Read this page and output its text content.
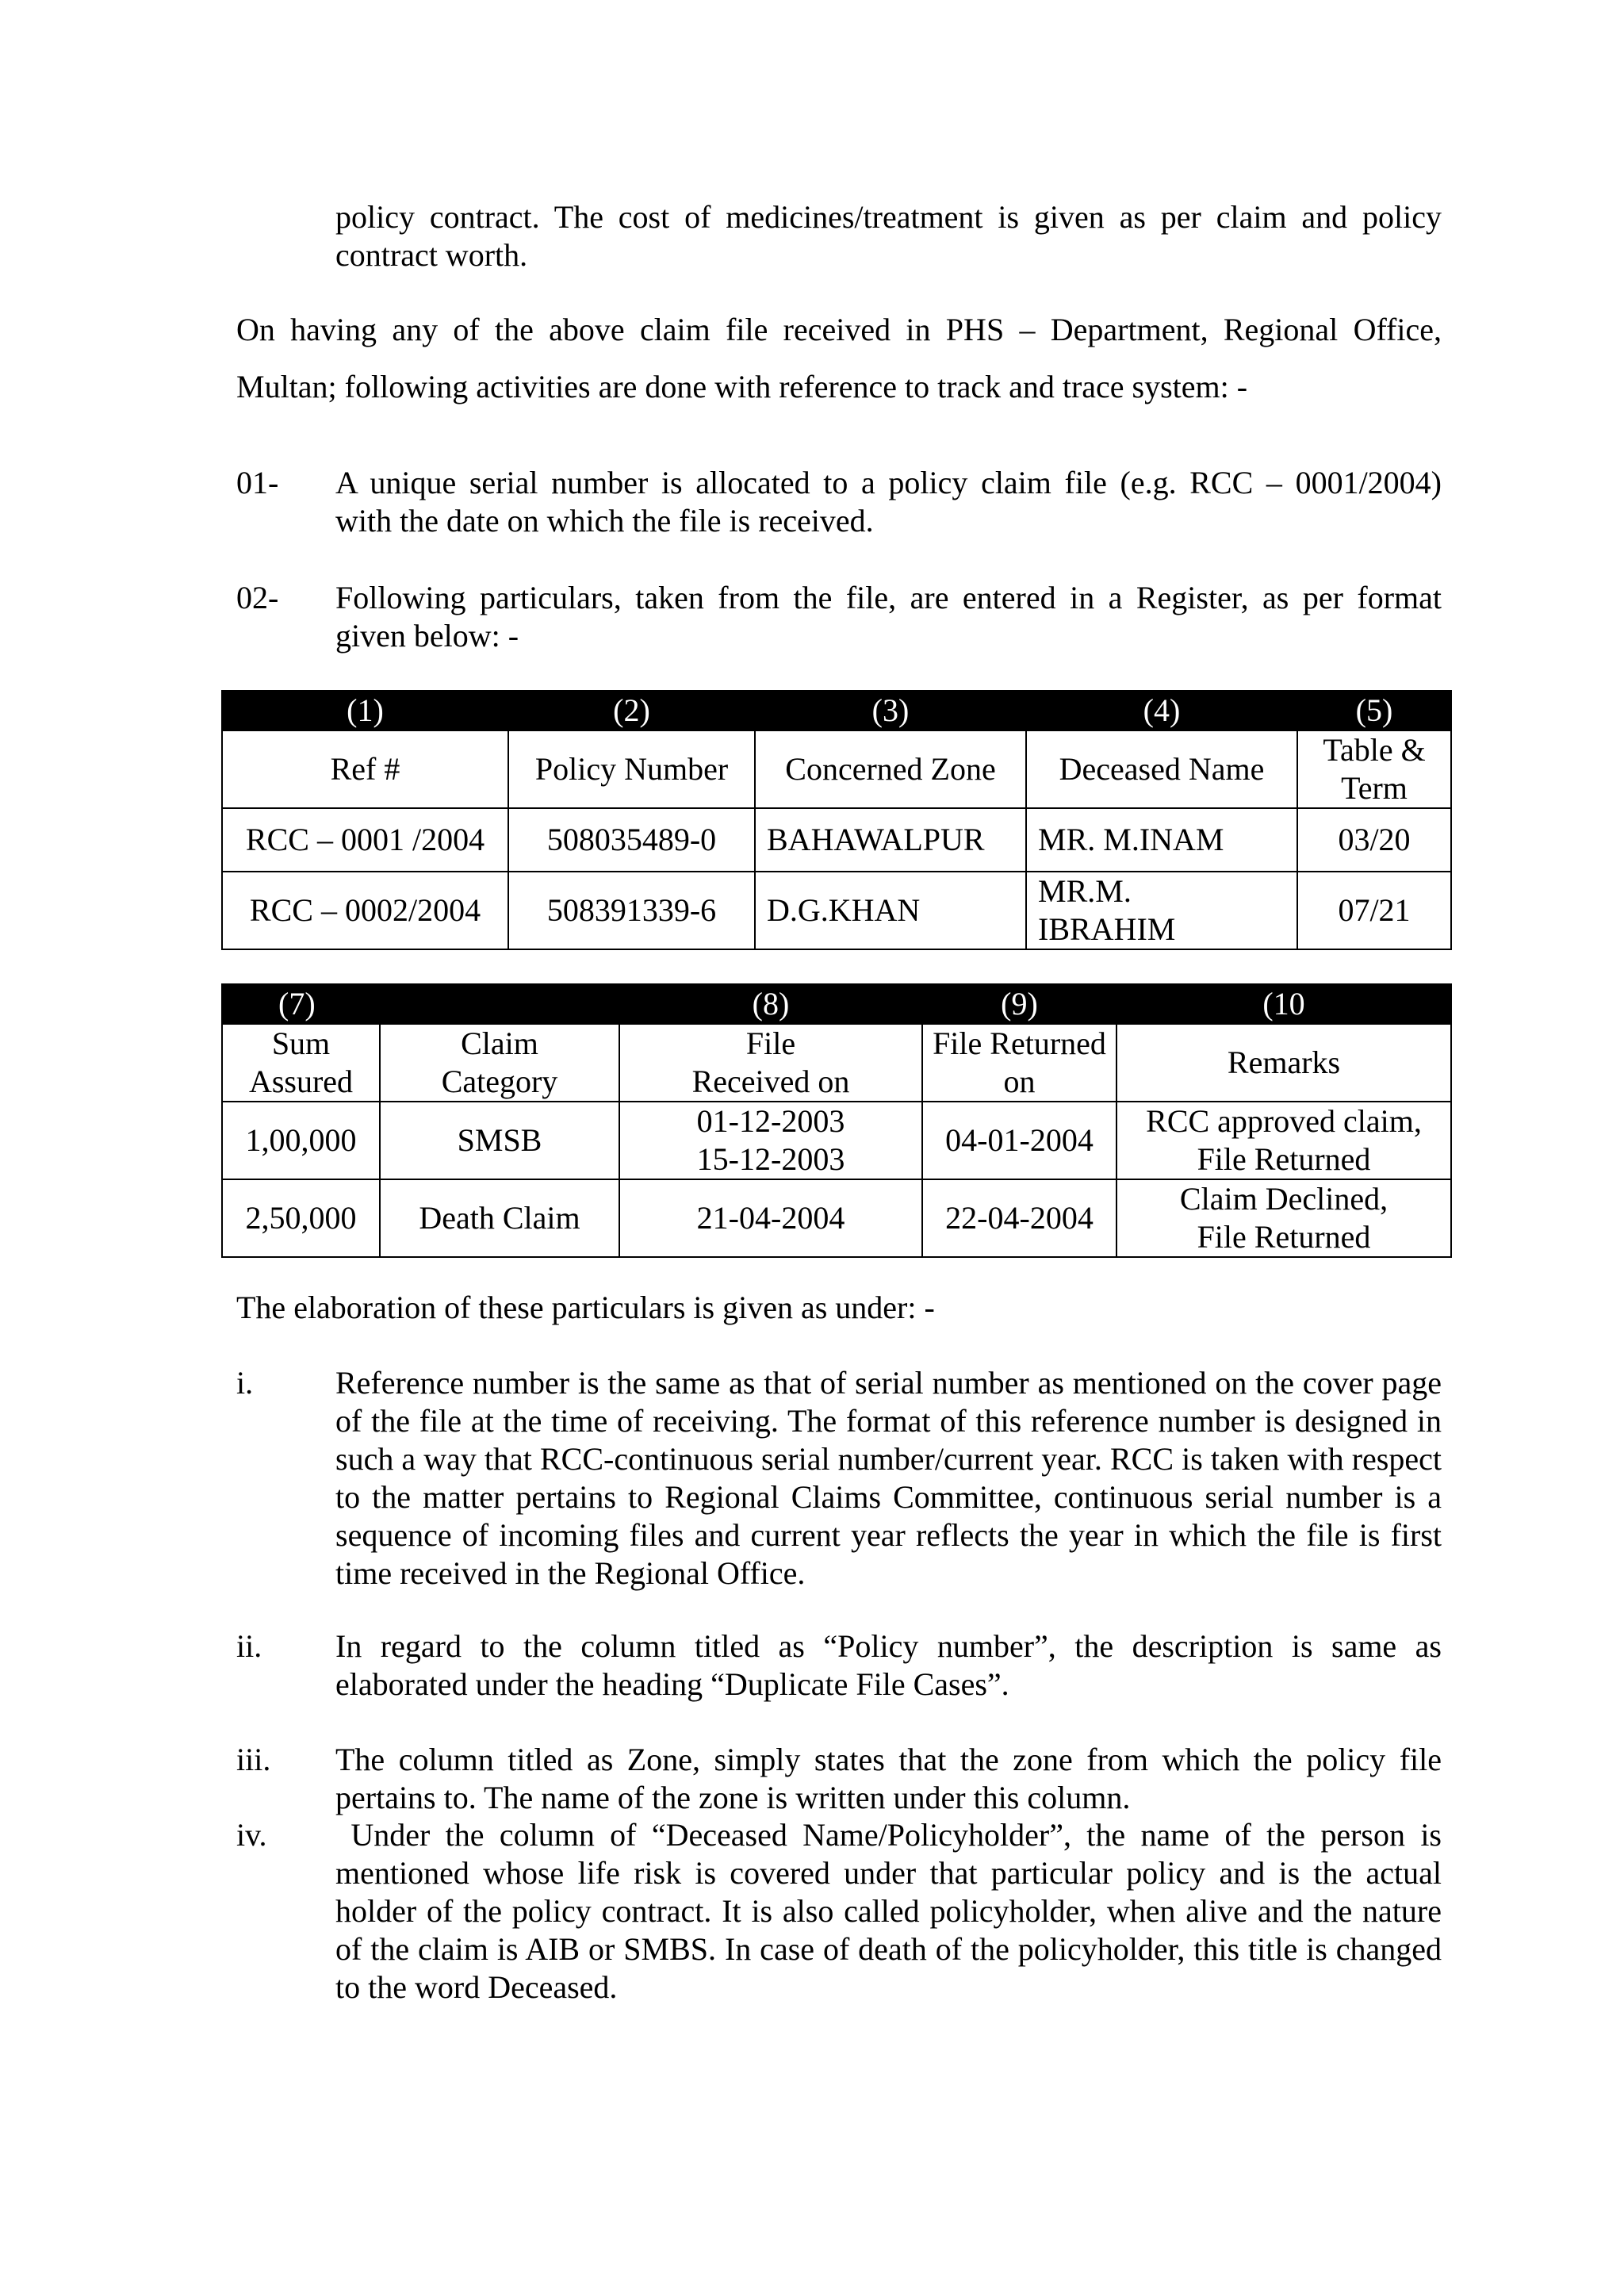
policy contract. The cost of medicines/treatment is given as per claim and policy
contract worth.
On having any of the above claim file received in PHS – Department, Regional Office,
Multan; following activities are done with reference to track and trace system: -
01- A unique serial number is allocated to a policy claim file (e.g. RCC – 0001/2004)
with the date on which the file is received.
02- Following particulars, taken from the file, are entered in a Register, as per format
given below: -
(1)	(2)	(3)	(4)	(5)
Ref #	Policy Number	Concerned Zone	Deceased Name	Table & Term
RCC – 0001 /2004	508035489-0	BAHAWALPUR	MR. M.INAM	03/20
RCC – 0002/2004	508391339-6	D.G.KHAN	MR.M. IBRAHIM	07/21
(7)		(8)	(9)	(10
Sum Assured	Claim Category	File Received on	File Returned on	Remarks
1,00,000	SMSB	01-12-2003 15-12-2003	04-01-2004	RCC approved claim, File Returned
2,50,000	Death Claim	21-04-2004	22-04-2004	Claim Declined, File Returned
The elaboration of these particulars is given as under: -
i.	Reference number is the same as that of serial number as mentioned on the cover page of the file at the time of receiving. The format of this reference number is designed in such a way that RCC-continuous serial number/current year. RCC is taken with respect to the matter pertains to Regional Claims Committee, continuous serial number is a sequence of incoming files and current year reflects the year in which the file is first time received in the Regional Office.
ii. In regard to the column titled as “Policy number”, the description is same as elaborated under the heading “Duplicate File Cases”.
iii. The column titled as Zone, simply states that the zone from which the policy file pertains to. The name of the zone is written under this column.
iv. Under the column of “Deceased Name/Policyholder”, the name of the person is mentioned whose life risk is covered under that particular policy and is the actual holder of the policy contract. It is also called policyholder, when alive and the nature of the claim is AIB or SMBS. In case of death of the policyholder, this title is changed to the word Deceased.
